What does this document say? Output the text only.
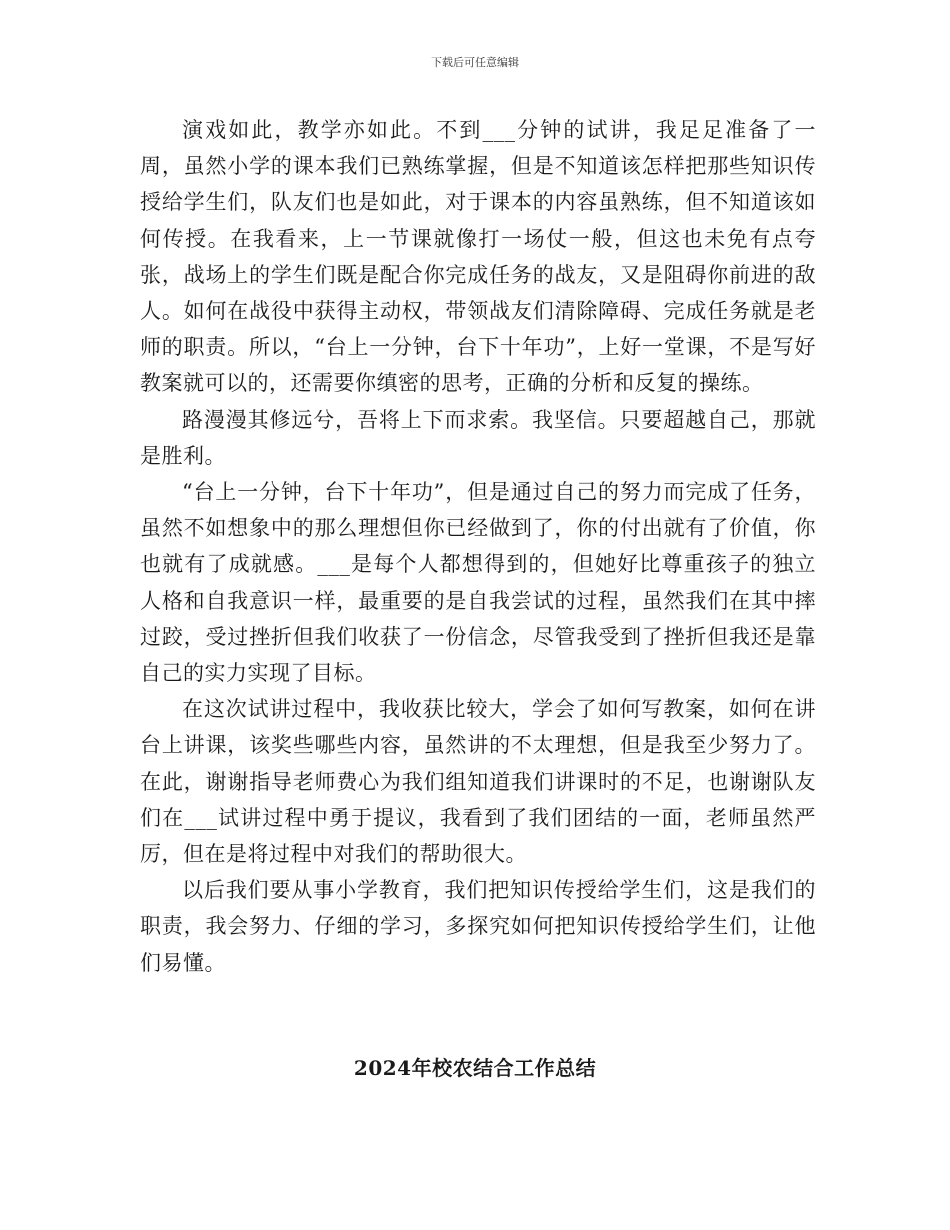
下载后可任意编辑

演戏如此，教学亦如此。不到___分钟的试讲，我足足准备了一周，虽然小学的课本我们已熟练掌握，但是不知道该怎样把那些知识传授给学生们，队友们也是如此，对于课本的内容虽熟练，但不知道该如何传授。在我看来，上一节课就像打一场仗一般，但这也未免有点夸张，战场上的学生们既是配合你完成任务的战友，又是阻碍你前进的敌人。如何在战役中获得主动权，带领战友们清除障碍、完成任务就是老师的职责。所以，“台上一分钟，台下十年功”，上好一堂课，不是写好教案就可以的，还需要你缜密的思考，正确的分析和反复的操练。

路漫漫其修远兮，吾将上下而求索。我坚信。只要超越自己，那就是胜利。

“台上一分钟，台下十年功”，但是通过自己的努力而完成了任务，虽然不如想象中的那么理想但你已经做到了，你的付出就有了价值，你也就有了成就感。___是每个人都想得到的，但她好比尊重孩子的独立人格和自我意识一样，最重要的是自我尝试的过程，虽然我们在其中摔过跤，受过挫折但我们收获了一份信念，尽管我受到了挫折但我还是靠自己的实力实现了目标。

在这次试讲过程中，我收获比较大，学会了如何写教案，如何在讲台上讲课，该奖些哪些内容，虽然讲的不太理想，但是我至少努力了。在此，谢谢指导老师费心为我们组知道我们讲课时的不足，也谢谢队友们在___试讲过程中勇于提议，我看到了我们团结的一面，老师虽然严厉，但在是将过程中对我们的帮助很大。

以后我们要从事小学教育，我们把知识传授给学生们，这是我们的职责，我会努力、仔细的学习，多探究如何把知识传授给学生们，让他们易懂。

2024年校农结合工作总结
